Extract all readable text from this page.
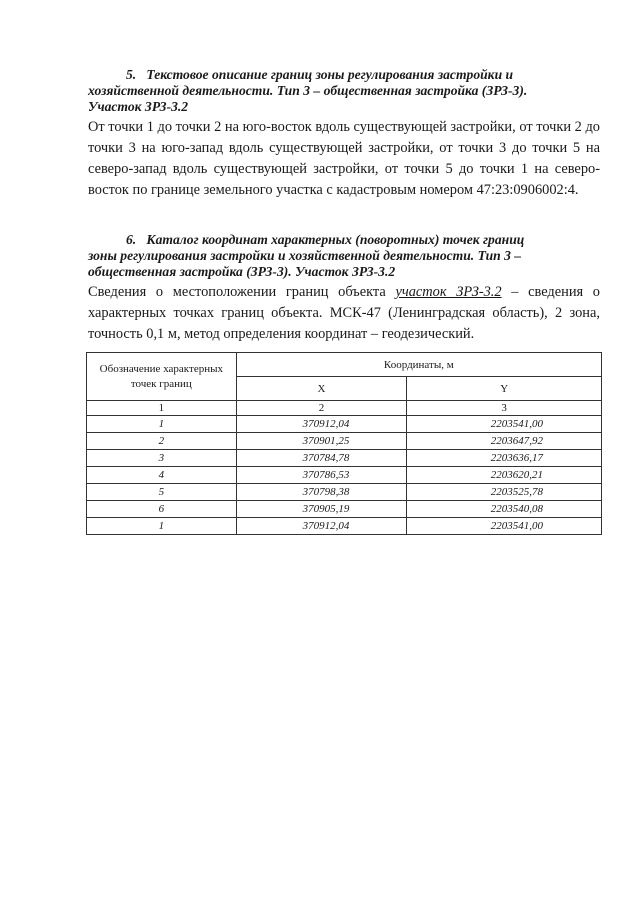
5. Текстовое описание границ зоны регулирования застройки и
хозяйственной деятельности. Тип 3 – общественная застройка (ЗРЗ-3).
Участок ЗРЗ-3.2
От точки 1 до точки 2 на юго-восток вдоль существующей застройки, от точки 2 до точки 3 на юго-запад вдоль существующей застройки, от точки 3 до точки 5 на северо-запад вдоль существующей застройки, от точки 5 до точки 1 на северо-восток по границе земельного участка с кадастровым номером 47:23:0906002:4.
6. Каталог координат характерных (поворотных) точек границ
зоны регулирования застройки и хозяйственной деятельности. Тип 3 –
общественная застройка (ЗРЗ-3). Участок ЗРЗ-3.2
Сведения о местоположении границ объекта участок ЗРЗ-3.2 – сведения о характерных точках границ объекта. МСК-47 (Ленинградская область), 2 зона, точность 0,1 м, метод определения координат – геодезический.
Обозначение характерных точек границ	Координаты, м	
	X	Y
1	2	3
1	370912,04	2203541,00
2	370901,25	2203647,92
3	370784,78	2203636,17
4	370786,53	2203620,21
5	370798,38	2203525,78
6	370905,19	2203540,08
1	370912,04	2203541,00
